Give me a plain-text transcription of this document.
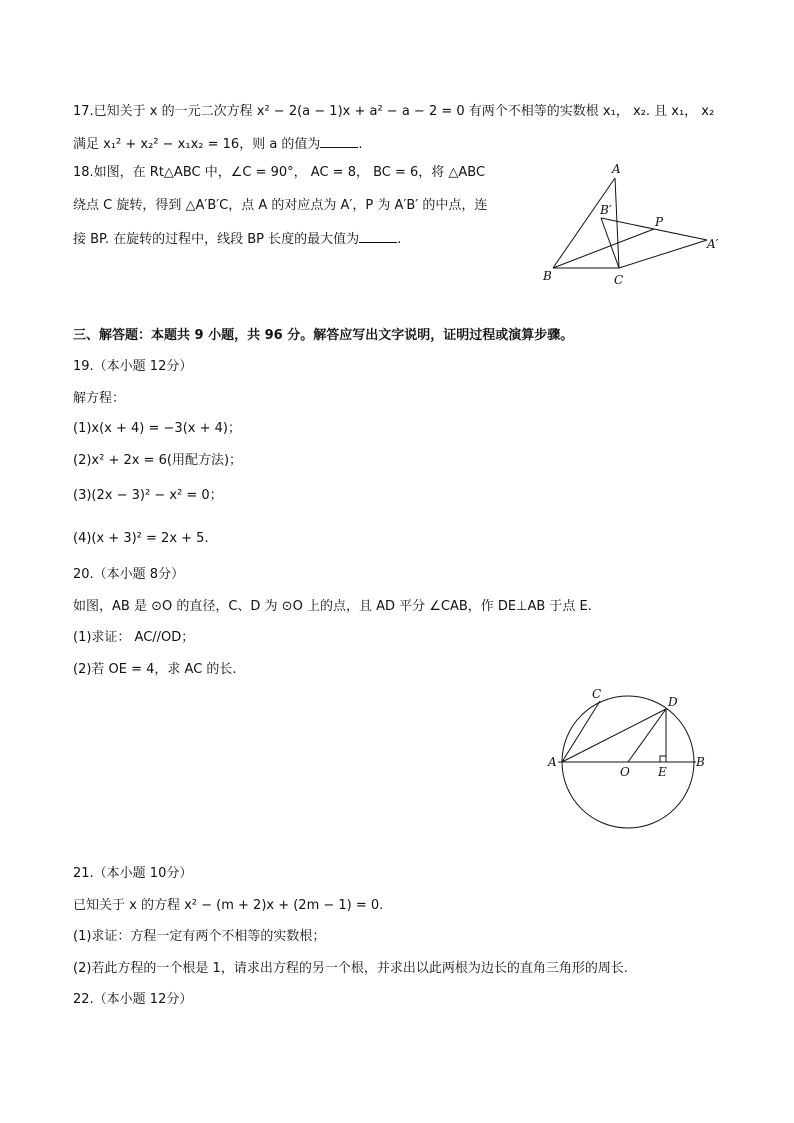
17.已知关于 x 的一元二次方程 x² − 2(a − 1)x + a² − a − 2 = 0 有两个不相等的实数根 x₁， x₂. 且 x₁， x₂
满足 x₁² + x₂² − x₁x₂ = 16，则 a 的值为	.
18.如图，在 Rt△ABC 中，∠C = 90°， AC = 8， BC = 6，将 △ABC
绕点 C 旋转，得到 △A′B′C，点 A 的对应点为 A′，P 为 A′B′ 的中点，连
接 BP. 在旋转的过程中，线段 BP 长度的最大值为	.
A
B′
P
A′
B	C
三、解答题：本题共 9 小题，共 96 分。解答应写出文字说明，证明过程或演算步骤。
19.（本小题 12分）
解方程：
(1)x(x + 4) = −3(x + 4)；
(2)x² + 2x = 6(用配方法)；
(3)(2x − 3)² − x² = 0；
(4)(x + 3)² = 2x + 5.
20.（本小题 8分）
如图，AB 是 ⊙O 的直径，C、D 为 ⊙O 上的点，且 AD 平分 ∠CAB，作 DE⊥AB 于点 E.
(1)求证： AC//OD；
(2)若 OE = 4，求 AC 的长.
C
D
A
O E
B
21.（本小题 10分）
已知关于 x 的方程 x² − (m + 2)x + (2m − 1) = 0.
(1)求证：方程一定有两个不相等的实数根；
(2)若此方程的一个根是 1，请求出方程的另一个根，并求出以此两根为边长的直角三角形的周长.
22.（本小题 12分）
